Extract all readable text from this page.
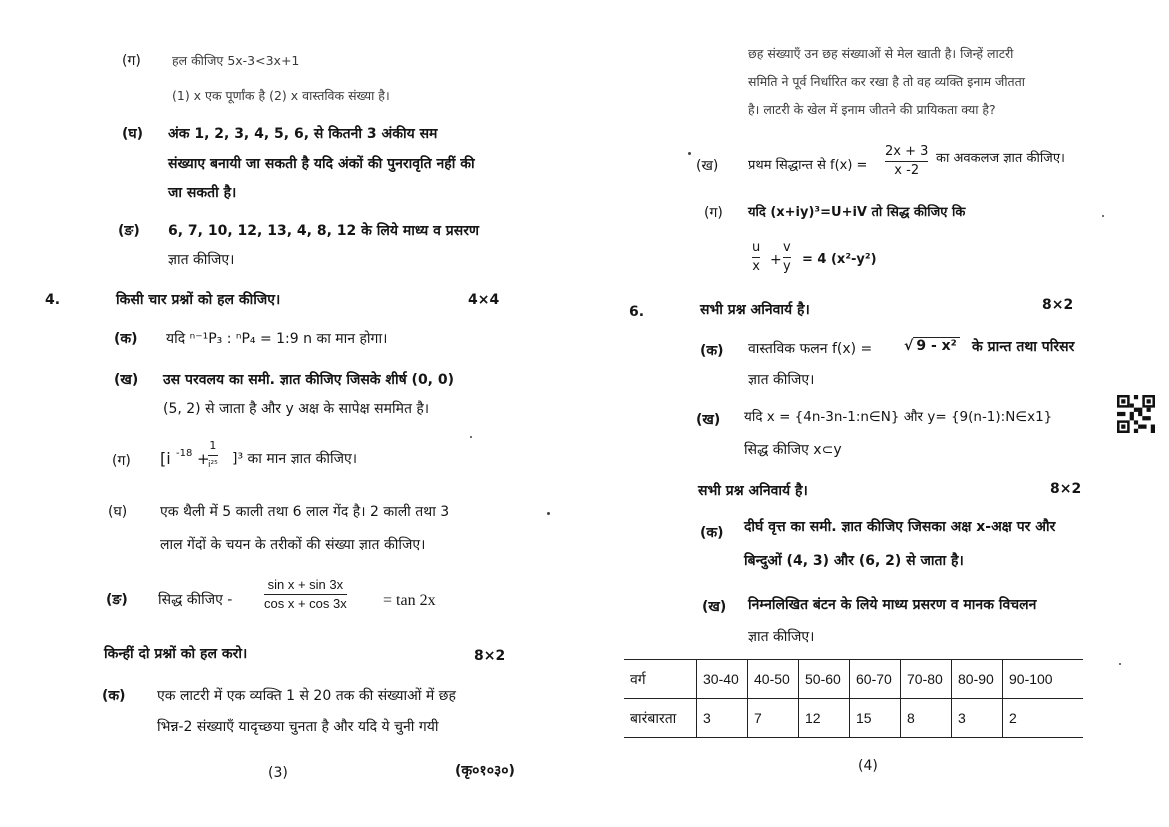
(ग) हल कीजिए 5x-3<3x+1
(1) x एक पूर्णांक है (2) x वास्तविक संख्या है।
(घ) अंक 1, 2, 3, 4, 5, 6, से कितनी 3 अंकीय सम
संख्याए बनायी जा सकती है यदि अंकों की पुनरावृति नहीं की
जा सकती है।
(ङ) 6, 7, 10, 12, 13, 4, 8, 12 के लिये माध्य व प्रसरण
ज्ञात कीजिए।
4.	किसी चार प्रश्नों को हल कीजिए।	4×4
(क) यदि ⁿ⁻¹P₃ : ⁿP₄ = 1:9 n का मान होगा।
(ख) उस परवलय का समी. ज्ञात कीजिए जिसके शीर्ष (0, 0)
(5, 2) से जाता है और y अक्ष के सापेक्ष सममित है।
(ग) [i -18 +
1
i²⁵ ]³ का मान ज्ञात कीजिए।
(घ) एक थैली में 5 काली तथा 6 लाल गेंद है। 2 काली तथा 3
लाल गेंदों के चयन के तरीकों की संख्या ज्ञात कीजिए।
(ङ) सिद्ध कीजिए -
sin x + sin 3x
cos x + cos 3x = tan 2x
किन्हीं दो प्रश्नों को हल करो।	8×2
(क) एक लाटरी में एक व्यक्ति 1 से 20 तक की संख्याओं में छह
भिन्न-2 संख्याएँ यादृच्छया चुनता है और यदि ये चुनी गयी
(3)	(कृ०१०३०)
छह संख्याएँ उन छह संख्याओं से मेल खाती है। जिन्हें लाटरी
समिति ने पूर्व निर्धारित कर रखा है तो वह व्यक्ति इनाम जीतता
है। लाटरी के खेल में इनाम जीतने की प्रायिकता क्या है?
(ख) प्रथम सिद्धान्त से f(x) =
2x + 3
x -2
का अवकलज ज्ञात कीजिए।
(ग) यदि (x+iy)³=U+iV तो सिद्ध कीजिए कि
u
x +
v
y = 4 (x²-y²)
6.	सभी प्रश्न अनिवार्य है।	8×2
(क) वास्तविक फलन f(x) = √ 9 - x² के प्रान्त तथा परिसर
ज्ञात कीजिए।
(ख) यदि x = {4n-3n-1:n∈N} और y= {9(n-1):N∈x1}
सिद्ध कीजिए x⊂y
सभी प्रश्न अनिवार्य है।	8×2
(क) दीर्घ वृत्त का समी. ज्ञात कीजिए जिसका अक्ष x-अक्ष पर और
बिन्दुओं (4, 3) और (6, 2) से जाता है।
(ख) निम्नलिखित बंटन के लिये माध्य प्रसरण व मानक विचलन
ज्ञात कीजिए।
वर्ग	30-40	40-50	50-60	60-70	70-80	80-90	90-100
बारंबारता	3	7	12	15	8	3	2
(4)
